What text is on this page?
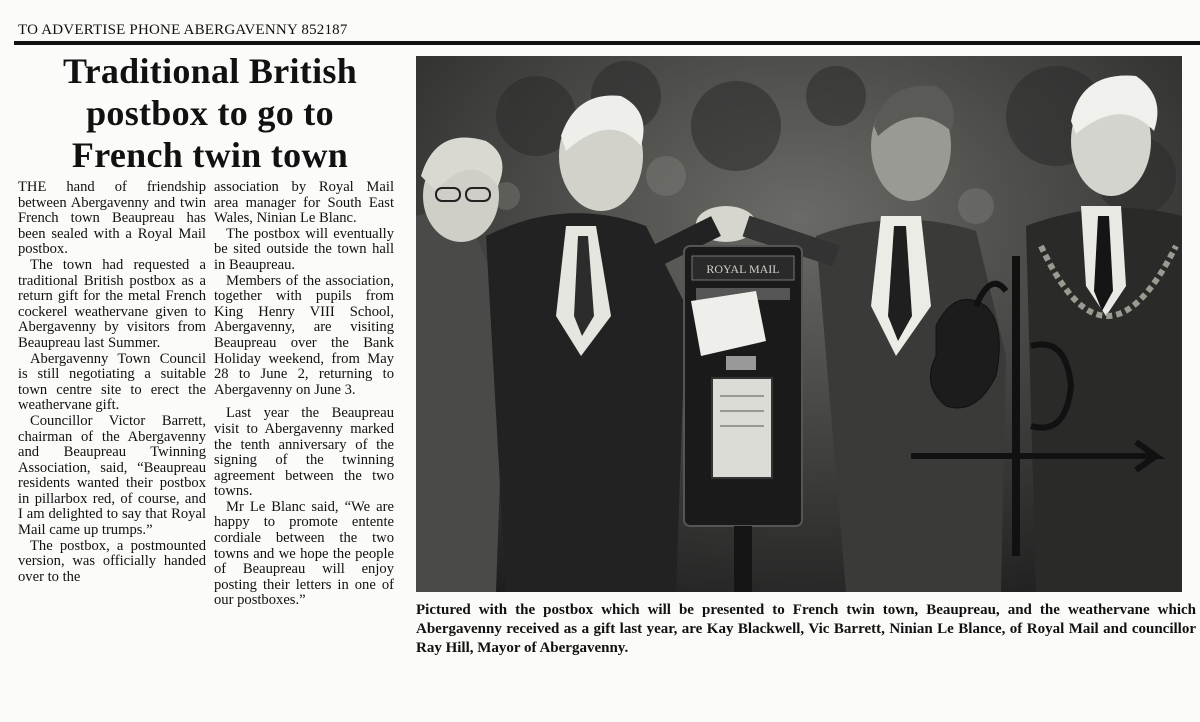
TO ADVERTISE PHONE ABERGAVENNY 852187
Traditional British
postbox to go to
French twin town

THE hand of friendship between Abergavenny and twin French town Beaupreau has been sealed with a Royal Mail postbox.

The town had requested a traditional British postbox as a return gift for the metal French cockerel weathervane given to Abergavenny by visitors from Beaupreau last Summer.

Abergavenny Town Council is still negotiating a suitable town centre site to erect the weathervane gift.

Councillor Victor Barrett, chairman of the Abergavenny and Beaupreau Twinning Association, said, “Beaupreau residents wanted their postbox in pillarbox red, of course, and I am delighted to say that Royal Mail came up trumps.”

The postbox, a postmounted version, was officially handed over to the

association by Royal Mail area manager for South East Wales, Ninian Le Blanc.

The postbox will eventually be sited outside the town hall in Beaupreau.

Members of the association, together with pupils from King Henry VIII School, Abergavenny, are visiting Beaupreau over the Bank Holiday weekend, from May 28 to June 2, returning to Abergavenny on June 3.

Last year the Beaupreau visit to Abergavenny marked the tenth anniversary of the signing of the twinning agreement between the two towns.

Mr Le Blanc said, “We are happy to promote entente cordiale between the two towns and we hope the people of Beaupreau will enjoy posting their letters in one of our postboxes.”

ROYAL MAIL
Pictured with the postbox which will be presented to French twin town, Beaupreau, and the weathervane which Abergavenny received as a gift last year, are Kay Blackwell, Vic Barrett, Ninian Le Blance, of Royal Mail and councillor Ray Hill, Mayor of Abergavenny.
